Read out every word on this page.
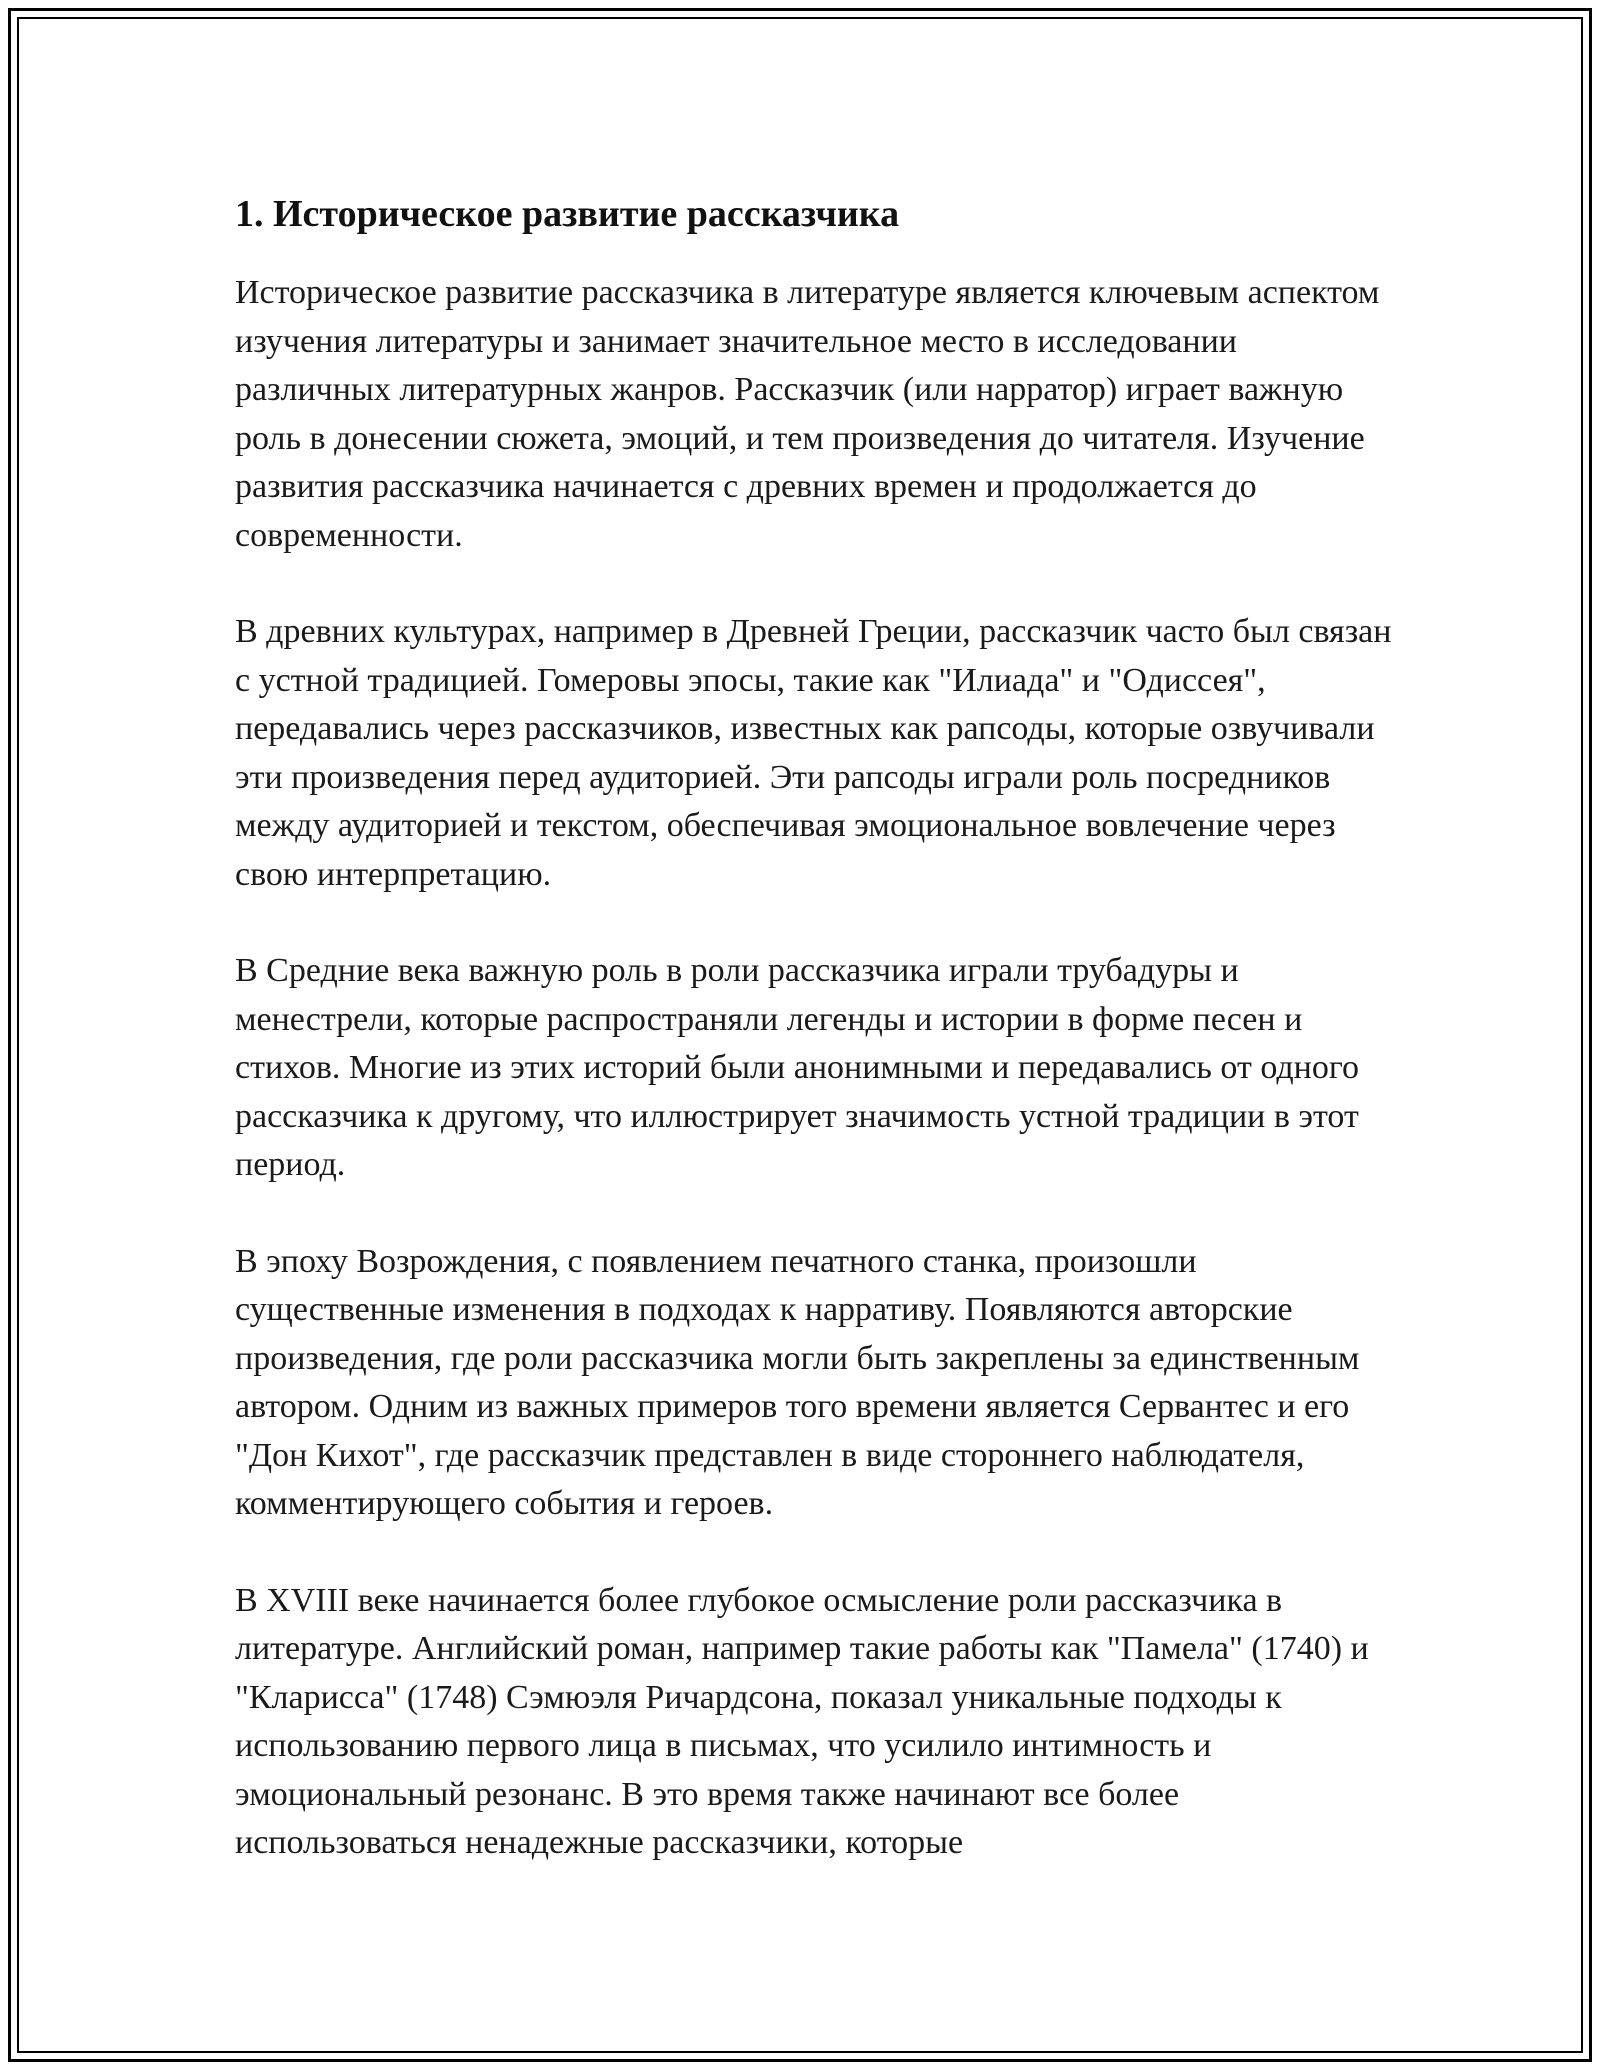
1. Историческое развитие рассказчика

Историческое развитие рассказчика в литературе является ключевым аспектом изучения литературы и занимает значительное место в исследовании различных литературных жанров. Рассказчик (или нарратор) играет важную роль в донесении сюжета, эмоций, и тем произведения до читателя. Изучение развития рассказчика начинается с древних времен и продолжается до современности.

В древних культурах, например в Древней Греции, рассказчик часто был связан с устной традицией. Гомеровы эпосы, такие как "Илиада" и "Одиссея", передавались через рассказчиков, известных как рапсоды, которые озвучивали эти произведения перед аудиторией. Эти рапсоды играли роль посредников между аудиторией и текстом, обеспечивая эмоциональное вовлечение через свою интерпретацию.

В Средние века важную роль в роли рассказчика играли трубадуры и менестрели, которые распространяли легенды и истории в форме песен и стихов. Многие из этих историй были анонимными и передавались от одного рассказчика к другому, что иллюстрирует значимость устной традиции в этот период.

В эпоху Возрождения, с появлением печатного станка, произошли существенные изменения в подходах к нарративу. Появляются авторские произведения, где роли рассказчика могли быть закреплены за единственным автором. Одним из важных примеров того времени является Сервантес и его "Дон Кихот", где рассказчик представлен в виде стороннего наблюдателя, комментирующего события и героев.

В XVIII веке начинается более глубокое осмысление роли рассказчика в литературе. Английский роман, например такие работы как "Памела" (1740) и "Кларисса" (1748) Сэмюэля Ричардсона, показал уникальные подходы к использованию первого лица в письмах, что усилило интимность и эмоциональный резонанс. В это время также начинают все более использоваться ненадежные рассказчики, которые
